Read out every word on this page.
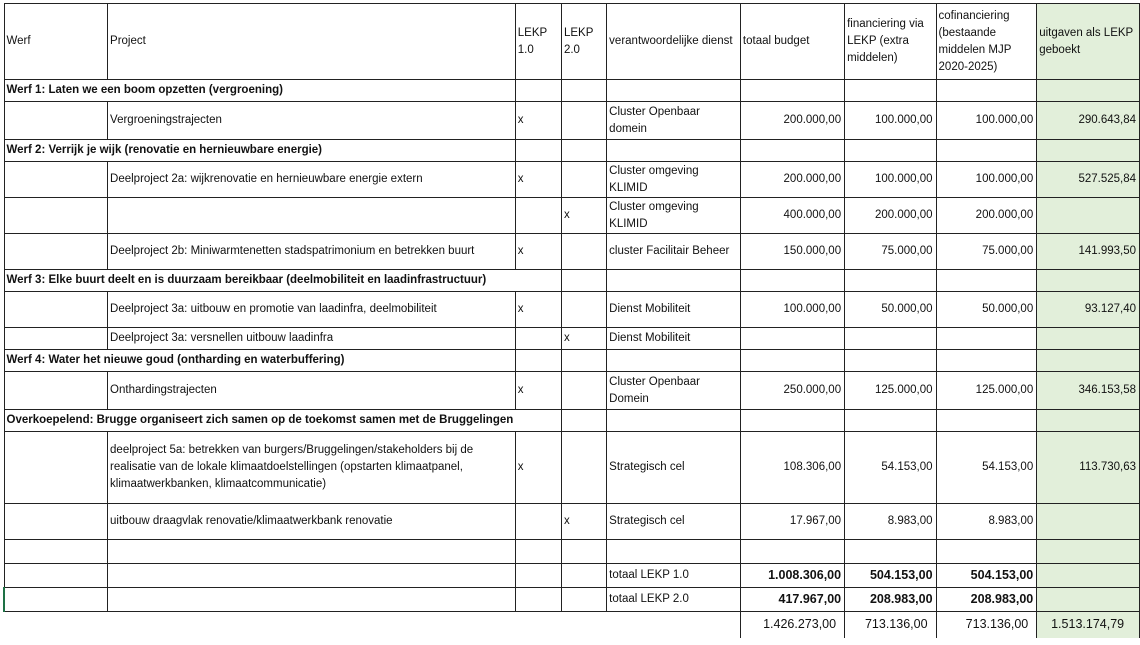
Werf	Project	LEKP 1.0	LEKP 2.0	verantwoordelijke dienst	totaal budget	financiering via LEKP (extra middelen)	cofinanciering (bestaande middelen MJP 2020-2025)	uitgaven als LEKP geboekt
Werf 1: Laten we een boom opzetten (vergroening)								
	Vergroeningstrajecten	x		Cluster Openbaar domein	200.000,00	100.000,00	100.000,00	290.643,84
Werf 2: Verrijk je wijk (renovatie en hernieuwbare energie)								
	Deelproject 2a: wijkrenovatie en hernieuwbare energie extern	x		Cluster omgeving KLIMID	200.000,00	100.000,00	100.000,00	527.525,84
			x	Cluster omgeving KLIMID	400.000,00	200.000,00	200.000,00	
	Deelproject 2b: Miniwarmtenetten stadspatrimonium en betrekken buurt	x		cluster Facilitair Beheer	150.000,00	75.000,00	75.000,00	141.993,50
Werf 3: Elke buurt deelt en is duurzaam bereikbaar (deelmobiliteit en laadinfrastructuur)								
	Deelproject 3a: uitbouw en promotie van laadinfra, deelmobiliteit	x		Dienst Mobiliteit	100.000,00	50.000,00	50.000,00	93.127,40
	Deelproject 3a: versnellen uitbouw laadinfra		x	Dienst Mobiliteit				
Werf 4: Water het nieuwe goud (ontharding en waterbuffering)								
	Onthardingstrajecten	x		Cluster Openbaar Domein	250.000,00	125.000,00	125.000,00	346.153,58
Overkoepelend: Brugge organiseert zich samen op de toekomst samen met de Bruggelingen								
	deelproject 5a: betrekken van burgers/Bruggelingen/stakeholders bij de realisatie van de lokale klimaatdoelstellingen (opstarten klimaatpanel, klimaatwerkbanken, klimaatcommunicatie)	x		Strategisch cel	108.306,00	54.153,00	54.153,00	113.730,63
	uitbouw draagvlak renovatie/klimaatwerkbank renovatie		x	Strategisch cel	17.967,00	8.983,00	8.983,00	

				totaal LEKP 1.0	1.008.306,00	504.153,00	504.153,00	
				totaal LEKP 2.0	417.967,00	208.983,00	208.983,00	
					1.426.273,00	713.136,00	713.136,00	1.513.174,79
